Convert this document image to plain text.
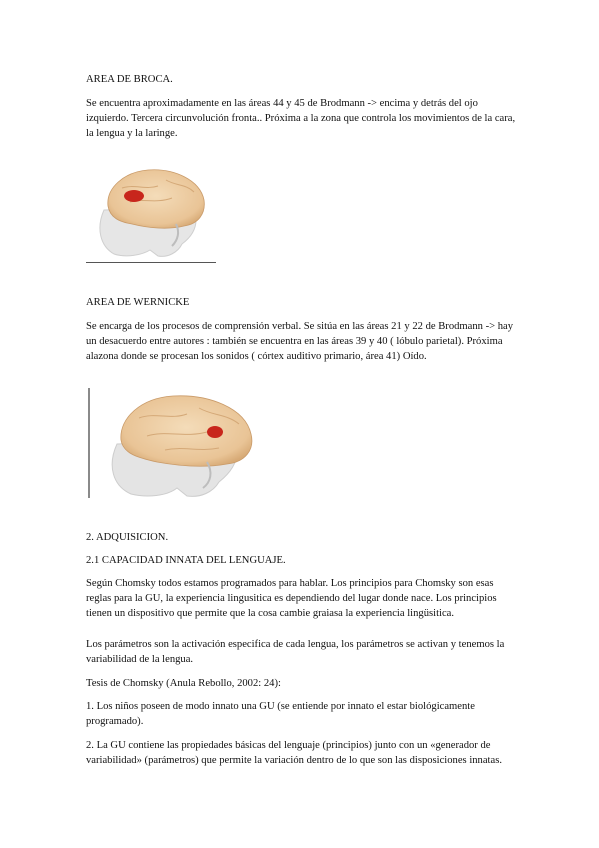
AREA DE BROCA.

Se encuentra aproximadamente en las áreas 44 y 45 de Brodmann -> encima y detrás del ojo izquierdo. Tercera circunvolución fronta.. Próxima a la zona que controla los movimientos de la cara, la lengua y la laringe.

AREA DE WERNICKE

Se encarga de los procesos de comprensión verbal. Se sitúa en las áreas 21 y 22 de Brodmann -> hay un desacuerdo entre autores : también se encuentra en las áreas 39 y 40 ( lóbulo parietal). Próxima alazona donde se procesan los sonidos ( córtex auditivo primario, área 41) Oído.

2. ADQUISICION.

2.1 CAPACIDAD INNATA DEL LENGUAJE.

Según Chomsky todos estamos programados para hablar. Los principios para Chomsky son esas reglas para la GU, la experiencia lingusitica es dependiendo del lugar donde nace. Los principios tienen un dispositivo que permite que la cosa cambie graiasa la experiencia lingüsitica.

Los parámetros son la activación especifica de cada lengua, los parámetros se activan y tenemos la variabilidad de la lengua.

Tesis de Chomsky (Anula Rebollo, 2002: 24):

1. Los niños poseen de modo innato una GU (se entiende por innato el estar biológicamente programado).

2. La GU contiene las propiedades básicas del lenguaje (principios) junto con un «generador de variabilidad» (parámetros) que permite la variación dentro de lo que son las disposiciones innatas.
